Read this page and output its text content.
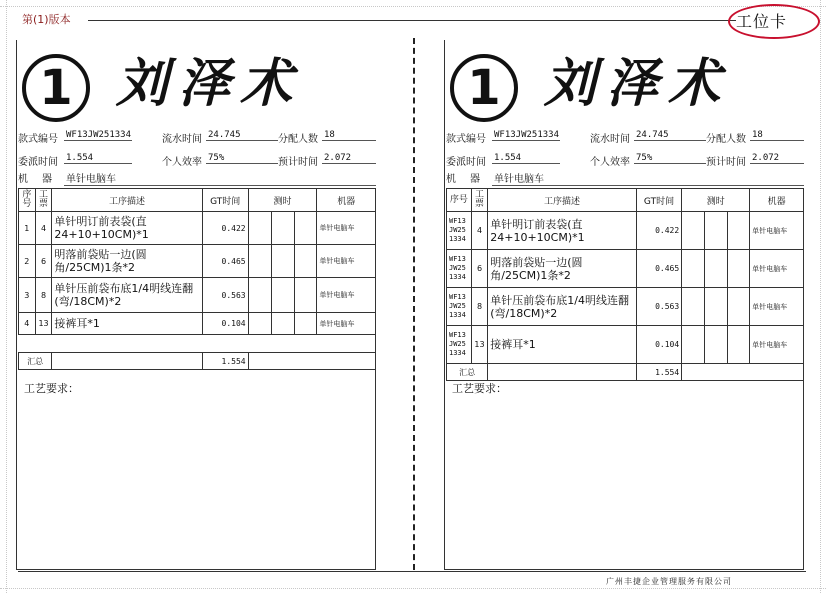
第(1)版本	工位卡
1 刘泽术
款式编号 WF13JW251334	流水时间 24.745	分配人数 18
委派时间 1.554	个人效率 75%	预计时间 2.072
机器 单针电脑车
序号	工票	工序描述	GT时间	测时			机器
1	4	单针明订前表袋(直24+10+10CM)*1	0.422				单针电脑车
2	6	明落前袋贴一边(圆角/25CM)1条*2	0.465				单针电脑车
3	8	单针压前袋布底1/4明线连翻(弯/18CM)*2	0.563				单针电脑车
4	13	接裤耳*1	0.104				单针电脑车

汇总			1.554				
工艺要求：
1 刘泽术
款式编号 WF13JW251334	流水时间 24.745	分配人数 18
委派时间 1.554	个人效率 75%	预计时间 2.072
机器 单针电脑车
序号	工票	工序描述	GT时间	测时			机器
WF13JW251334	4	单针明订前表袋(直24+10+10CM)*1	0.422				单针电脑车
WF13JW251334	6	明落前袋贴一边(圆角/25CM)1条*2	0.465				单针电脑车
WF13JW251334	8	单针压前袋布底1/4明线连翻(弯/18CM)*2	0.563				单针电脑车
WF13JW251334	13	接裤耳*1	0.104				单针电脑车
汇总			1.554				
工艺要求：
广州丰捷企业管理服务有限公司
